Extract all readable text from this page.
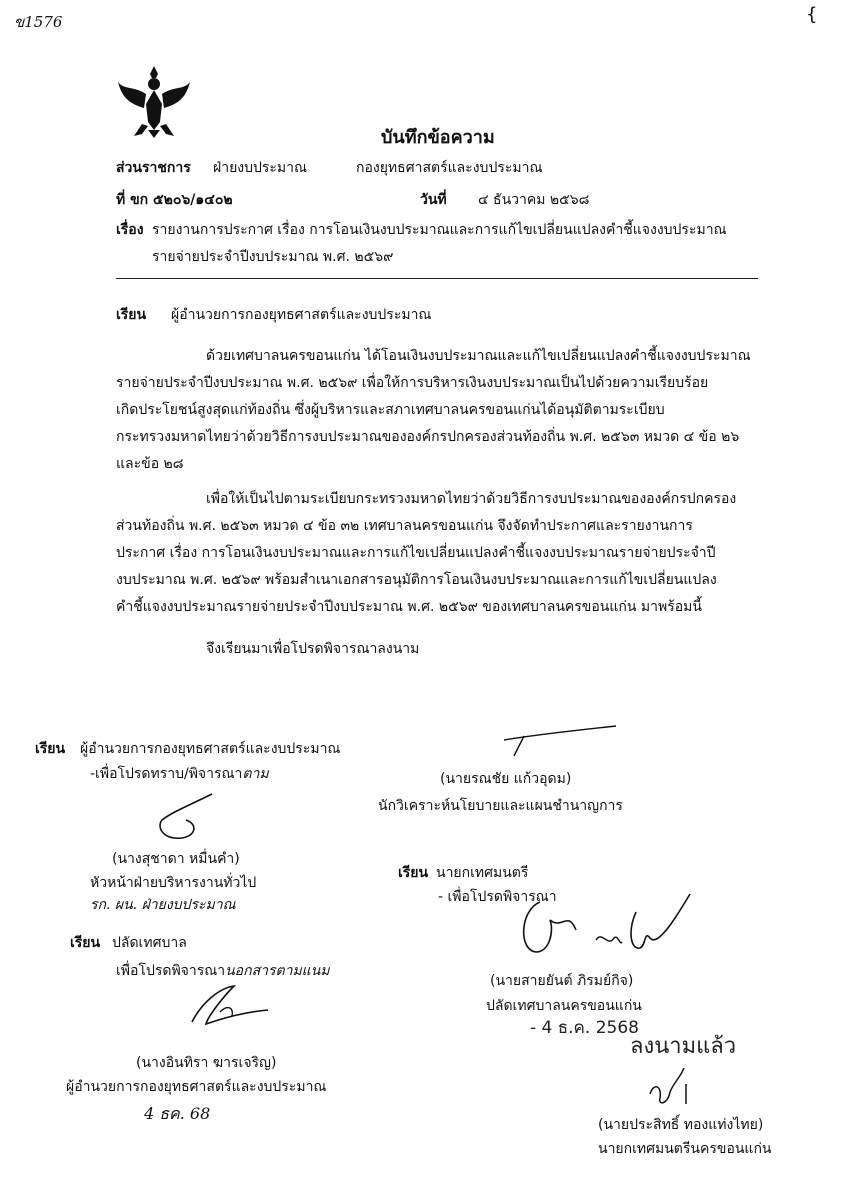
ข1576	{
บันทึกข้อความ
ส่วนราชการ ฝ่ายงบประมาณ	กองยุทธศาสตร์และงบประมาณ
ที่ ขก ๕๒๐๖/๑๔๐๒	วันที่ ๔ ธันวาคม ๒๕๖๘
เรื่อง รายงานการประกาศ เรื่อง การโอนเงินงบประมาณและการแก้ไขเปลี่ยนแปลงคำชี้แจงงบประมาณ
รายจ่ายประจำปีงบประมาณ พ.ศ. ๒๕๖๙
เรียน ผู้อำนวยการกองยุทธศาสตร์และงบประมาณ
ด้วยเทศบาลนครขอนแก่น ได้โอนเงินงบประมาณและแก้ไขเปลี่ยนแปลงคำชี้แจงงบประมาณ
รายจ่ายประจำปีงบประมาณ พ.ศ. ๒๕๖๙ เพื่อให้การบริหารเงินงบประมาณเป็นไปด้วยความเรียบร้อย
เกิดประโยชน์สูงสุดแก่ท้องถิ่น ซึ่งผู้บริหารและสภาเทศบาลนครขอนแก่นได้อนุมัติตามระเบียบ
กระทรวงมหาดไทยว่าด้วยวิธีการงบประมาณขององค์กรปกครองส่วนท้องถิ่น พ.ศ. ๒๕๖๓ หมวด ๔ ข้อ ๒๖
และข้อ ๒๘
เพื่อให้เป็นไปตามระเบียบกระทรวงมหาดไทยว่าด้วยวิธีการงบประมาณขององค์กรปกครอง
ส่วนท้องถิ่น พ.ศ. ๒๕๖๓ หมวด ๔ ข้อ ๓๒ เทศบาลนครขอนแก่น จึงจัดทำประกาศและรายงานการ
ประกาศ เรื่อง การโอนเงินงบประมาณและการแก้ไขเปลี่ยนแปลงคำชี้แจงงบประมาณรายจ่ายประจำปี
งบประมาณ พ.ศ. ๒๕๖๙ พร้อมสำเนาเอกสารอนุมัติการโอนเงินงบประมาณและการแก้ไขเปลี่ยนแปลง
คำชี้แจงงบประมาณรายจ่ายประจำปีงบประมาณ พ.ศ. ๒๕๖๙ ของเทศบาลนครขอนแก่น มาพร้อมนี้
จึงเรียนมาเพื่อโปรดพิจารณาลงนาม
(นายรณชัย แก้วอุดม)
นักวิเคราะห์นโยบายและแผนชำนาญการ
เรียน ผู้อำนวยการกองยุทธศาสตร์และงบประมาณ
-เพื่อโปรดทราบ/พิจารณาตาม
(นางสุชาดา หมื่นคำ)
หัวหน้าฝ่ายบริหารงานทั่วไป
รก. ผน. ฝ่ายงบประมาณ
เรียน นายกเทศมนตรี
- เพื่อโปรดพิจารณา
(นายสายยันต์ ภิรมย์กิจ)
ปลัดเทศบาลนครขอนแก่น
- 4 ธ.ค. 2568
ลงนามแล้ว
เรียน ปลัดเทศบาล
เพื่อโปรดพิจารณานอกสารตามแนม
(นางอินทิรา ฆารเจริญ)
ผู้อำนวยการกองยุทธศาสตร์และงบประมาณ
4 ธค. 68
(นายประสิทธิ์ ทองแท่งไทย)
นายกเทศมนตรีนครขอนแก่น
